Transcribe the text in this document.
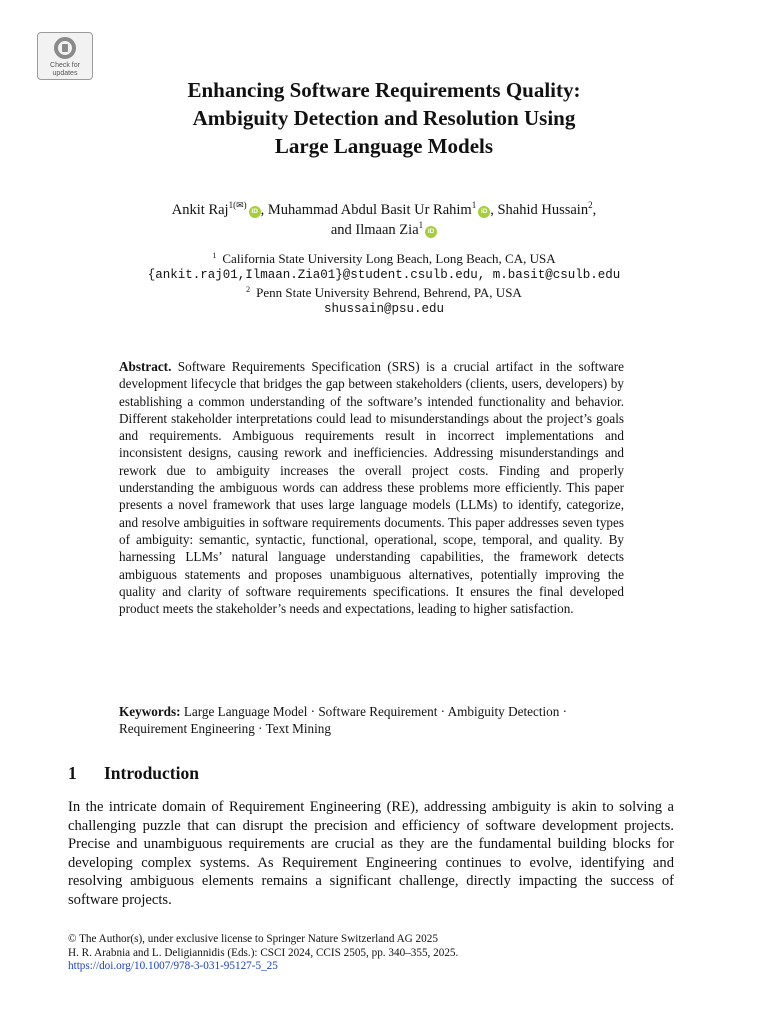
Check for
updates
Enhancing Software Requirements Quality:
Ambiguity Detection and Resolution Using
Large Language Models
Ankit Raj$^{1(✉)}$iD , Muhammad Abdul Basit Ur Rahim$^1$iD , Shahid Hussain$^2$,
and Ilmaan Zia$^1$iD
$^1$ California State University Long Beach, Long Beach, CA, USA
{ankit.raj01,Ilmaan.Zia01}@student.csulb.edu, m.basit@csulb.edu
$^2$ Penn State University Behrend, Behrend, PA, USA
shussain@psu.edu
Abstract. Software Requirements Specification (SRS) is a crucial artifact in the software development lifecycle that bridges the gap between stakeholders (clients, users, developers) by establishing a common understanding of the software’s intended functionality and behavior. Different stakeholder interpretations could lead to misunderstandings about the project’s goals and requirements. Ambiguous requirements result in incorrect implementations and inconsistent designs, causing rework and inefficiencies. Addressing misunderstandings and rework due to ambiguity increases the overall project costs. Finding and properly understanding the ambiguous words can address these problems more efficiently. This paper presents a novel framework that uses large language models (LLMs) to identify, categorize, and resolve ambiguities in software requirements documents. This paper addresses seven types of ambiguity: semantic, syntactic, functional, operational, scope, temporal, and quality. By harnessing LLMs’ natural language understanding capabilities, the framework detects ambiguous statements and proposes unambiguous alternatives, potentially improving the quality and clarity of software requirements specifications. It ensures the final developed product meets the stakeholder’s needs and expectations, leading to higher satisfaction.
Keywords: Large Language Model · Software Requirement · Ambiguity Detection · Requirement Engineering · Text Mining
1 Introduction
In the intricate domain of Requirement Engineering (RE), addressing ambiguity is akin to solving a challenging puzzle that can disrupt the precision and efficiency of software development projects. Precise and unambiguous requirements are crucial as they are the fundamental building blocks for developing complex systems. As Requirement Engineering continues to evolve, identifying and resolving ambiguous elements remains a significant challenge, directly impacting the success of software projects.
© The Author(s), under exclusive license to Springer Nature Switzerland AG 2025
H. R. Arabnia and L. Deligiannidis (Eds.): CSCI 2024, CCIS 2505, pp. 340–355, 2025.
https://doi.org/10.1007/978-3-031-95127-5_25
